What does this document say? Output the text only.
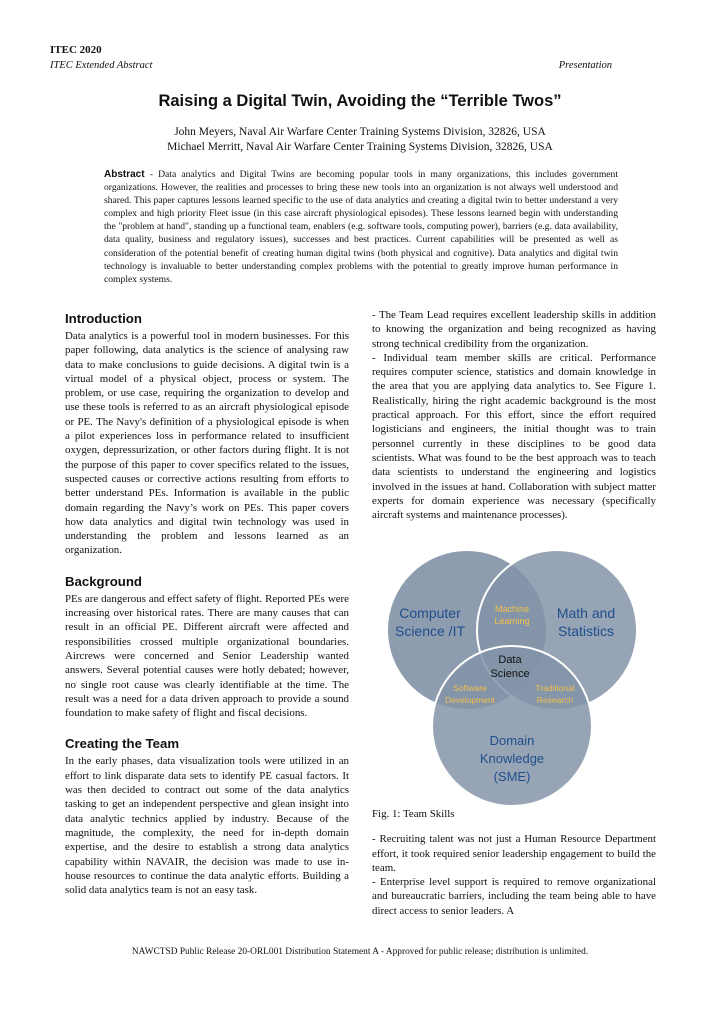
ITEC 2020
ITEC Extended Abstract	Presentation
Raising a Digital Twin, Avoiding the “Terrible Twos”
John Meyers, Naval Air Warfare Center Training Systems Division, 32826, USA
Michael Merritt, Naval Air Warfare Center Training Systems Division, 32826, USA
Abstract - Data analytics and Digital Twins are becoming popular tools in many organizations, this includes government organizations. However, the realities and processes to bring these new tools into an organization is not always well understood and shared. This paper captures lessons learned specific to the use of data analytics and creating a digital twin to better understand a very complex and high priority Fleet issue (in this case aircraft physiological episodes). These lessons learned begin with understanding the "problem at hand", standing up a functional team, enablers (e.g. software tools, computing power), barriers (e.g. data availability, data quality, business and regulatory issues), successes and best practices. Current capabilities will be presented as well as consideration of the potential benefit of creating human digital twins (both physical and cognitive). Data analytics and digital twin technology is invaluable to better understanding complex problems with the potential to greatly improve human performance in complex systems.
Introduction

Data analytics is a powerful tool in modern businesses. For this paper following, data analytics is the science of analysing raw data to make conclusions to guide decisions. A digital twin is a virtual model of a physical object, process or system. The problem, or use case, requiring the organization to develop and use these tools is referred to as an aircraft physiological episode or PE. The Navy's definition of a physiological episode is when a pilot experiences loss in performance related to insufficient oxygen, depressurization, or other factors during flight. It is not the purpose of this paper to cover specifics related to the issues, suspected causes or corrective actions resulting from efforts to better understand PEs. Information is available in the public domain regarding the Navy’s work on PEs. This paper covers how data analytics and digital twin technology was used in understanding the problem and lessons learned as an organization.

Background

PEs are dangerous and effect safety of flight. Reported PEs were increasing over historical rates. There are many causes that can result in an official PE. Different aircraft were affected and responsibilities crossed multiple organizational boundaries. Aircrews were concerned and Senior Leadership wanted answers. Several potential causes were hotly debated; however, no single root cause was clearly identifiable at the time. The result was a need for a data driven approach to provide a sound foundation to make safety of flight and fiscal decisions.

Creating the Team

In the early phases, data visualization tools were utilized in an effort to link disparate data sets to identify PE casual factors. It was then decided to contract out some of the data analytics tasking to get an independent perspective and glean insight into data analytic technics applied by industry. Because of the magnitude, the complexity, the need for in-depth domain expertise, and the desire to establish a strong data analytics capability within NAVAIR, the decision was made to use in-house resources to continue the data analytic efforts. Building a solid data analytics team is not an easy task.

- The Team Lead requires excellent leadership skills in addition to knowing the organization and being recognized as having strong technical credibility from the organization.

- Individual team member skills are critical. Performance requires computer science, statistics and domain knowledge in the area that you are applying data analytics to. See Figure 1. Realistically, hiring the right academic background is the most practical approach. For this effort, since the effort required logisticians and engineers, the initial thought was to train personnel currently in these disciplines to be good data scientists. What was found to be the best approach was to teach data scientists to understand the engineering and logistics involved in the issues at hand. Collaboration with subject matter experts for domain experience was necessary (specifically aircraft systems and maintenance processes).

Computer
Science /IT
Math and
Statistics
Machine
Learning
Data
Science
Software
Development
Traditional
Research
Domain
Knowledge
(SME)

Fig. 1: Team Skills

- Recruiting talent was not just a Human Resource Department effort, it took required senior leadership engagement to build the team.

- Enterprise level support is required to remove organizational and bureaucratic barriers, including the team being able to have direct access to senior leaders. A

NAWCTSD Public Release 20-ORL001 Distribution Statement A - Approved for public release; distribution is unlimited.
